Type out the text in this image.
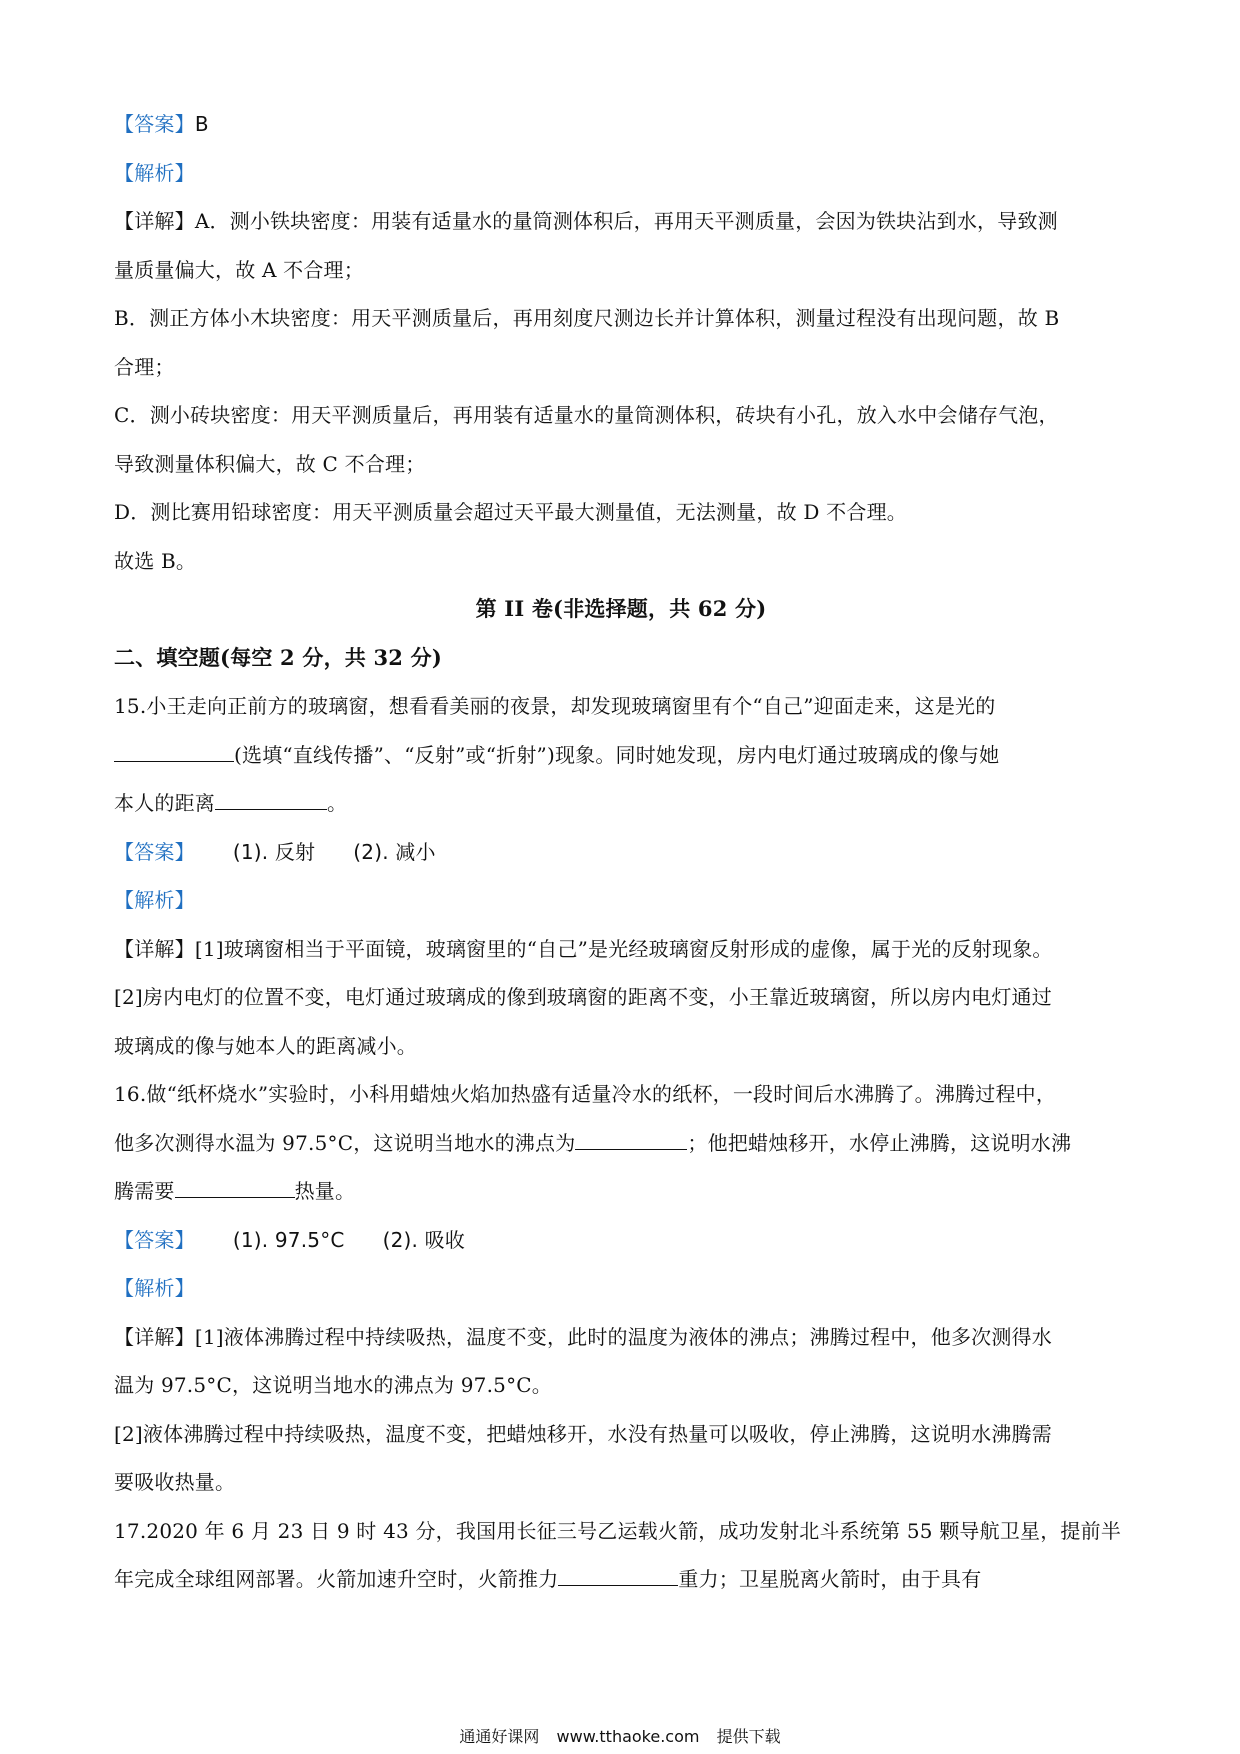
【答案】B
【解析】
【详解】A．测小铁块密度：用装有适量水的量筒测体积后，再用天平测质量，会因为铁块沾到水，导致测
量质量偏大，故 A 不合理；
B．测正方体小木块密度：用天平测质量后，再用刻度尺测边长并计算体积，测量过程没有出现问题，故 B
合理；
C．测小砖块密度：用天平测质量后，再用装有适量水的量筒测体积，砖块有小孔，放入水中会储存气泡，
导致测量体积偏大，故 C 不合理；
D．测比赛用铅球密度：用天平测质量会超过天平最大测量值，无法测量，故 D 不合理。
故选 B。
第 II 卷(非选择题，共 62 分)
二、填空题(每空 2 分，共 32 分)
15.小王走向正前方的玻璃窗，想看看美丽的夜景，却发现玻璃窗里有个“自己”迎面走来，这是光的
(选填“直线传播”、“反射”或“折射”)现象。同时她发现，房内电灯通过玻璃成的像与她
本人的距离	。
【答案】 (1). 反射 (2). 减小
【解析】
【详解】[1]玻璃窗相当于平面镜，玻璃窗里的“自己”是光经玻璃窗反射形成的虚像，属于光的反射现象。
[2]房内电灯的位置不变，电灯通过玻璃成的像到玻璃窗的距离不变，小王靠近玻璃窗，所以房内电灯通过
玻璃成的像与她本人的距离减小。
16.做“纸杯烧水”实验时，小科用蜡烛火焰加热盛有适量冷水的纸杯，一段时间后水沸腾了。沸腾过程中，
他多次测得水温为 97.5°C，这说明当地水的沸点为	；他把蜡烛移开，水停止沸腾，这说明水沸
腾需要	热量。
【答案】 (1). 97.5°C (2). 吸收
【解析】
【详解】[1]液体沸腾过程中持续吸热，温度不变，此时的温度为液体的沸点；沸腾过程中，他多次测得水
温为 97.5°C，这说明当地水的沸点为 97.5°C。
[2]液体沸腾过程中持续吸热，温度不变，把蜡烛移开，水没有热量可以吸收，停止沸腾，这说明水沸腾需
要吸收热量。
17.2020 年 6 月 23 日 9 时 43 分，我国用长征三号乙运载火箭，成功发射北斗系统第 55 颗导航卫星，提前半
年完成全球组网部署。火箭加速升空时，火箭推力	重力；卫星脱离火箭时，由于具有
通通好课网 www.tthaoke.com 提供下载
